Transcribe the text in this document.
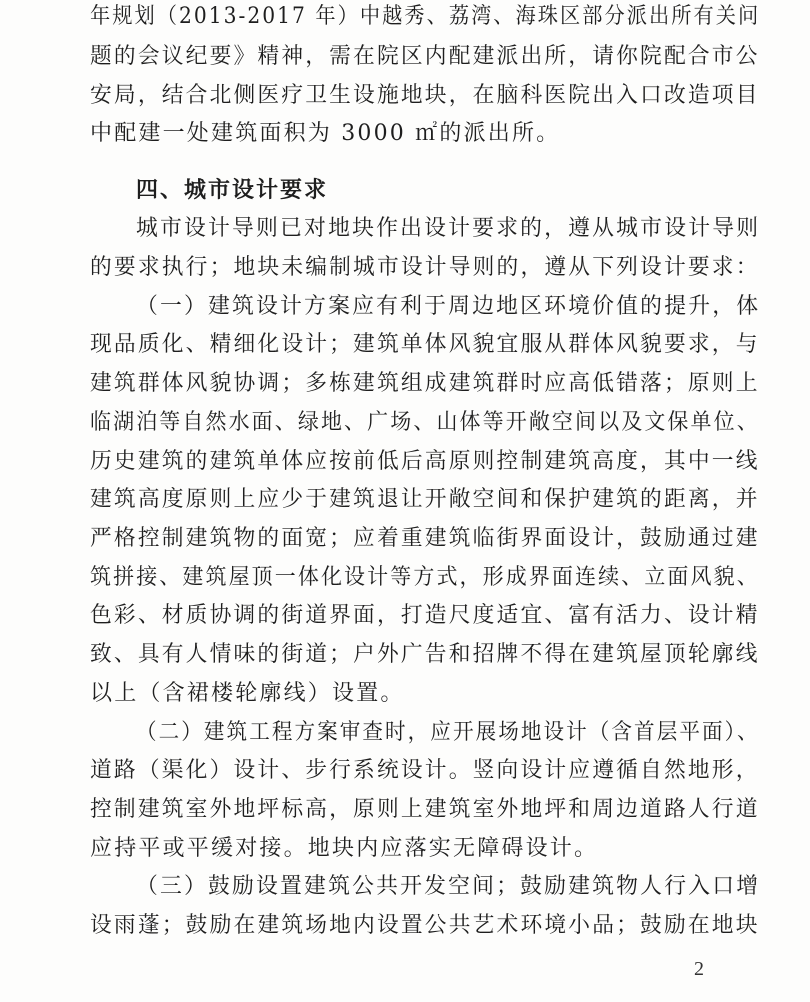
年规划（2013-2017 年）中越秀、荔湾、海珠区部分派出所有关问
题的会议纪要》精神，需在院区内配建派出所，请你院配合市公
安局，结合北侧医疗卫生设施地块，在脑科医院出入口改造项目
中配建一处建筑面积为 3000 ㎡的派出所。
四、城市设计要求
城市设计导则已对地块作出设计要求的，遵从城市设计导则
的要求执行；地块未编制城市设计导则的，遵从下列设计要求：
（一）建筑设计方案应有利于周边地区环境价值的提升，体
现品质化、精细化设计；建筑单体风貌宜服从群体风貌要求，与
建筑群体风貌协调；多栋建筑组成建筑群时应高低错落；原则上
临湖泊等自然水面、绿地、广场、山体等开敞空间以及文保单位、
历史建筑的建筑单体应按前低后高原则控制建筑高度，其中一线
建筑高度原则上应少于建筑退让开敞空间和保护建筑的距离，并
严格控制建筑物的面宽；应着重建筑临街界面设计，鼓励通过建
筑拼接、建筑屋顶一体化设计等方式，形成界面连续、立面风貌、
色彩、材质协调的街道界面，打造尺度适宜、富有活力、设计精
致、具有人情味的街道；户外广告和招牌不得在建筑屋顶轮廓线
以上（含裙楼轮廓线）设置。
（二）建筑工程方案审查时，应开展场地设计（含首层平面）、
道路（渠化）设计、步行系统设计。竖向设计应遵循自然地形，
控制建筑室外地坪标高，原则上建筑室外地坪和周边道路人行道
应持平或平缓对接。地块内应落实无障碍设计。
（三）鼓励设置建筑公共开发空间；鼓励建筑物人行入口增
设雨蓬；鼓励在建筑场地内设置公共艺术环境小品；鼓励在地块
2
